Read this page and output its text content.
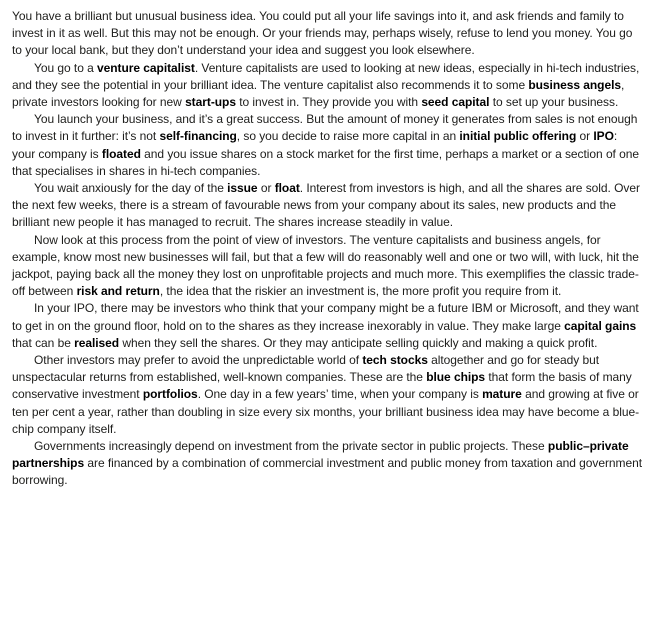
You have a brilliant but unusual business idea. You could put all your life savings into it, and ask friends and family to invest in it as well. But this may not be enough. Or your friends may, perhaps wisely, refuse to lend you money. You go to your local bank, but they don’t understand your idea and suggest you look elsewhere.

You go to a venture capitalist. Venture capitalists are used to looking at new ideas, especially in hi-tech industries, and they see the potential in your brilliant idea. The venture capitalist also recommends it to some business angels, private investors looking for new start-ups to invest in. They provide you with seed capital to set up your business.

You launch your business, and it’s a great success. But the amount of money it generates from sales is not enough to invest in it further: it’s not self-financing, so you decide to raise more capital in an initial public offering or IPO: your company is floated and you issue shares on a stock market for the first time, perhaps a market or a section of one that specialises in shares in hi-tech companies.

You wait anxiously for the day of the issue or float. Interest from investors is high, and all the shares are sold. Over the next few weeks, there is a stream of favourable news from your company about its sales, new products and the brilliant new people it has managed to recruit. The shares increase steadily in value.

Now look at this process from the point of view of investors. The venture capitalists and business angels, for example, know most new businesses will fail, but that a few will do reasonably well and one or two will, with luck, hit the jackpot, paying back all the money they lost on unprofitable projects and much more. This exemplifies the classic trade-off between risk and return, the idea that the riskier an investment is, the more profit you require from it.

In your IPO, there may be investors who think that your company might be a future IBM or Microsoft, and they want to get in on the ground floor, hold on to the shares as they increase inexorably in value. They make large capital gains that can be realised when they sell the shares. Or they may anticipate selling quickly and making a quick profit.

Other investors may prefer to avoid the unpredictable world of tech stocks altogether and go for steady but unspectacular returns from established, well-known companies. These are the blue chips that form the basis of many conservative investment portfolios. One day in a few years’ time, when your company is mature and growing at five or ten per cent a year, rather than doubling in size every six months, your brilliant business idea may have become a blue-chip company itself.

Governments increasingly depend on investment from the private sector in public projects. These public–private partnerships are financed by a combination of commercial investment and public money from taxation and government borrowing.
